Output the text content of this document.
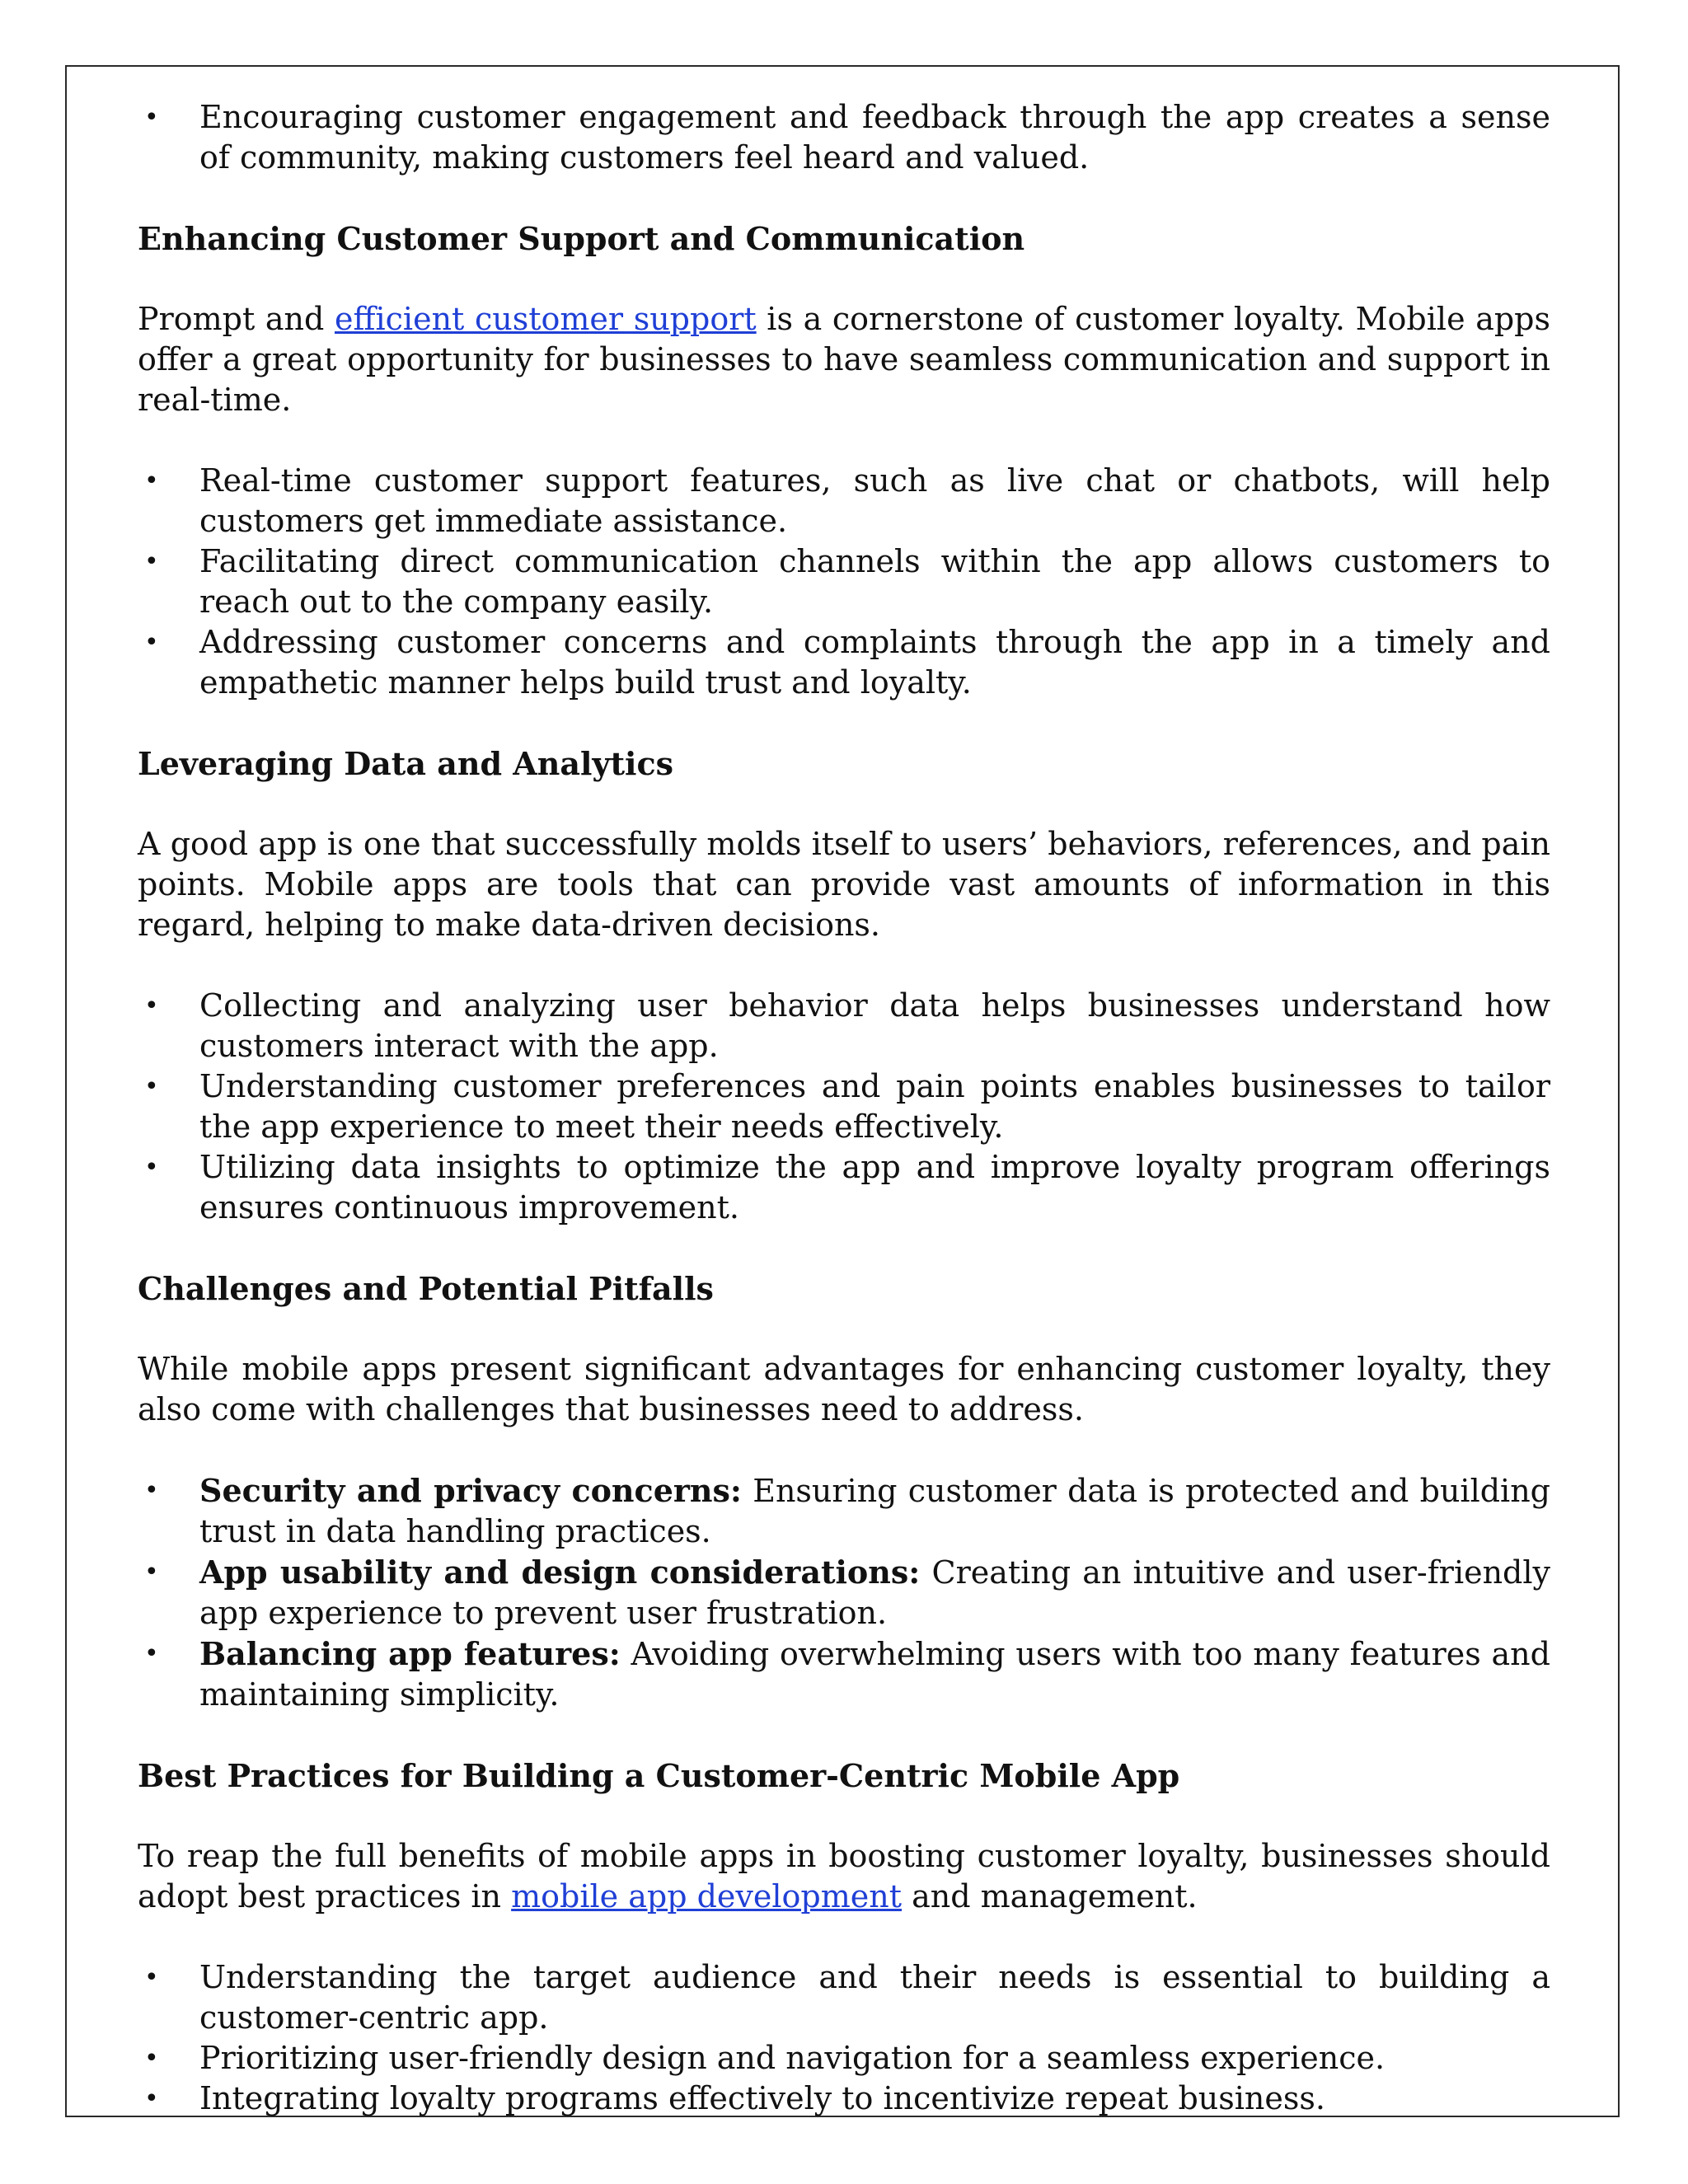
•	Encouraging customer engagement and feedback through the app creates a sense of community, making customers feel heard and valued.
Enhancing Customer Support and Communication

Prompt and efficient customer support is a cornerstone of customer loyalty. Mobile apps offer a great opportunity for businesses to have seamless communication and support in real-time.

•	Real-time customer support features, such as live chat or chatbots, will help customers get immediate assistance.
•	Facilitating direct communication channels within the app allows customers to reach out to the company easily.
•	Addressing customer concerns and complaints through the app in a timely and empathetic manner helps build trust and loyalty.
Leveraging Data and Analytics

A good app is one that successfully molds itself to users’ behaviors, references, and pain points. Mobile apps are tools that can provide vast amounts of information in this regard, helping to make data-driven decisions.

•	Collecting and analyzing user behavior data helps businesses understand how customers interact with the app.
•	Understanding customer preferences and pain points enables businesses to tailor the app experience to meet their needs effectively.
•	Utilizing data insights to optimize the app and improve loyalty program offerings ensures continuous improvement.
Challenges and Potential Pitfalls

While mobile apps present significant advantages for enhancing customer loyalty, they also come with challenges that businesses need to address.

•	Security and privacy concerns: Ensuring customer data is protected and building trust in data handling practices.
•	App usability and design considerations: Creating an intuitive and user-friendly app experience to prevent user frustration.
•	Balancing app features: Avoiding overwhelming users with too many features and maintaining simplicity.
Best Practices for Building a Customer-Centric Mobile App

To reap the full benefits of mobile apps in boosting customer loyalty, businesses should adopt best practices in mobile app development and management.

•	Understanding the target audience and their needs is essential to building a customer-centric app.
•	Prioritizing user-friendly design and navigation for a seamless experience.
•	Integrating loyalty programs effectively to incentivize repeat business.
